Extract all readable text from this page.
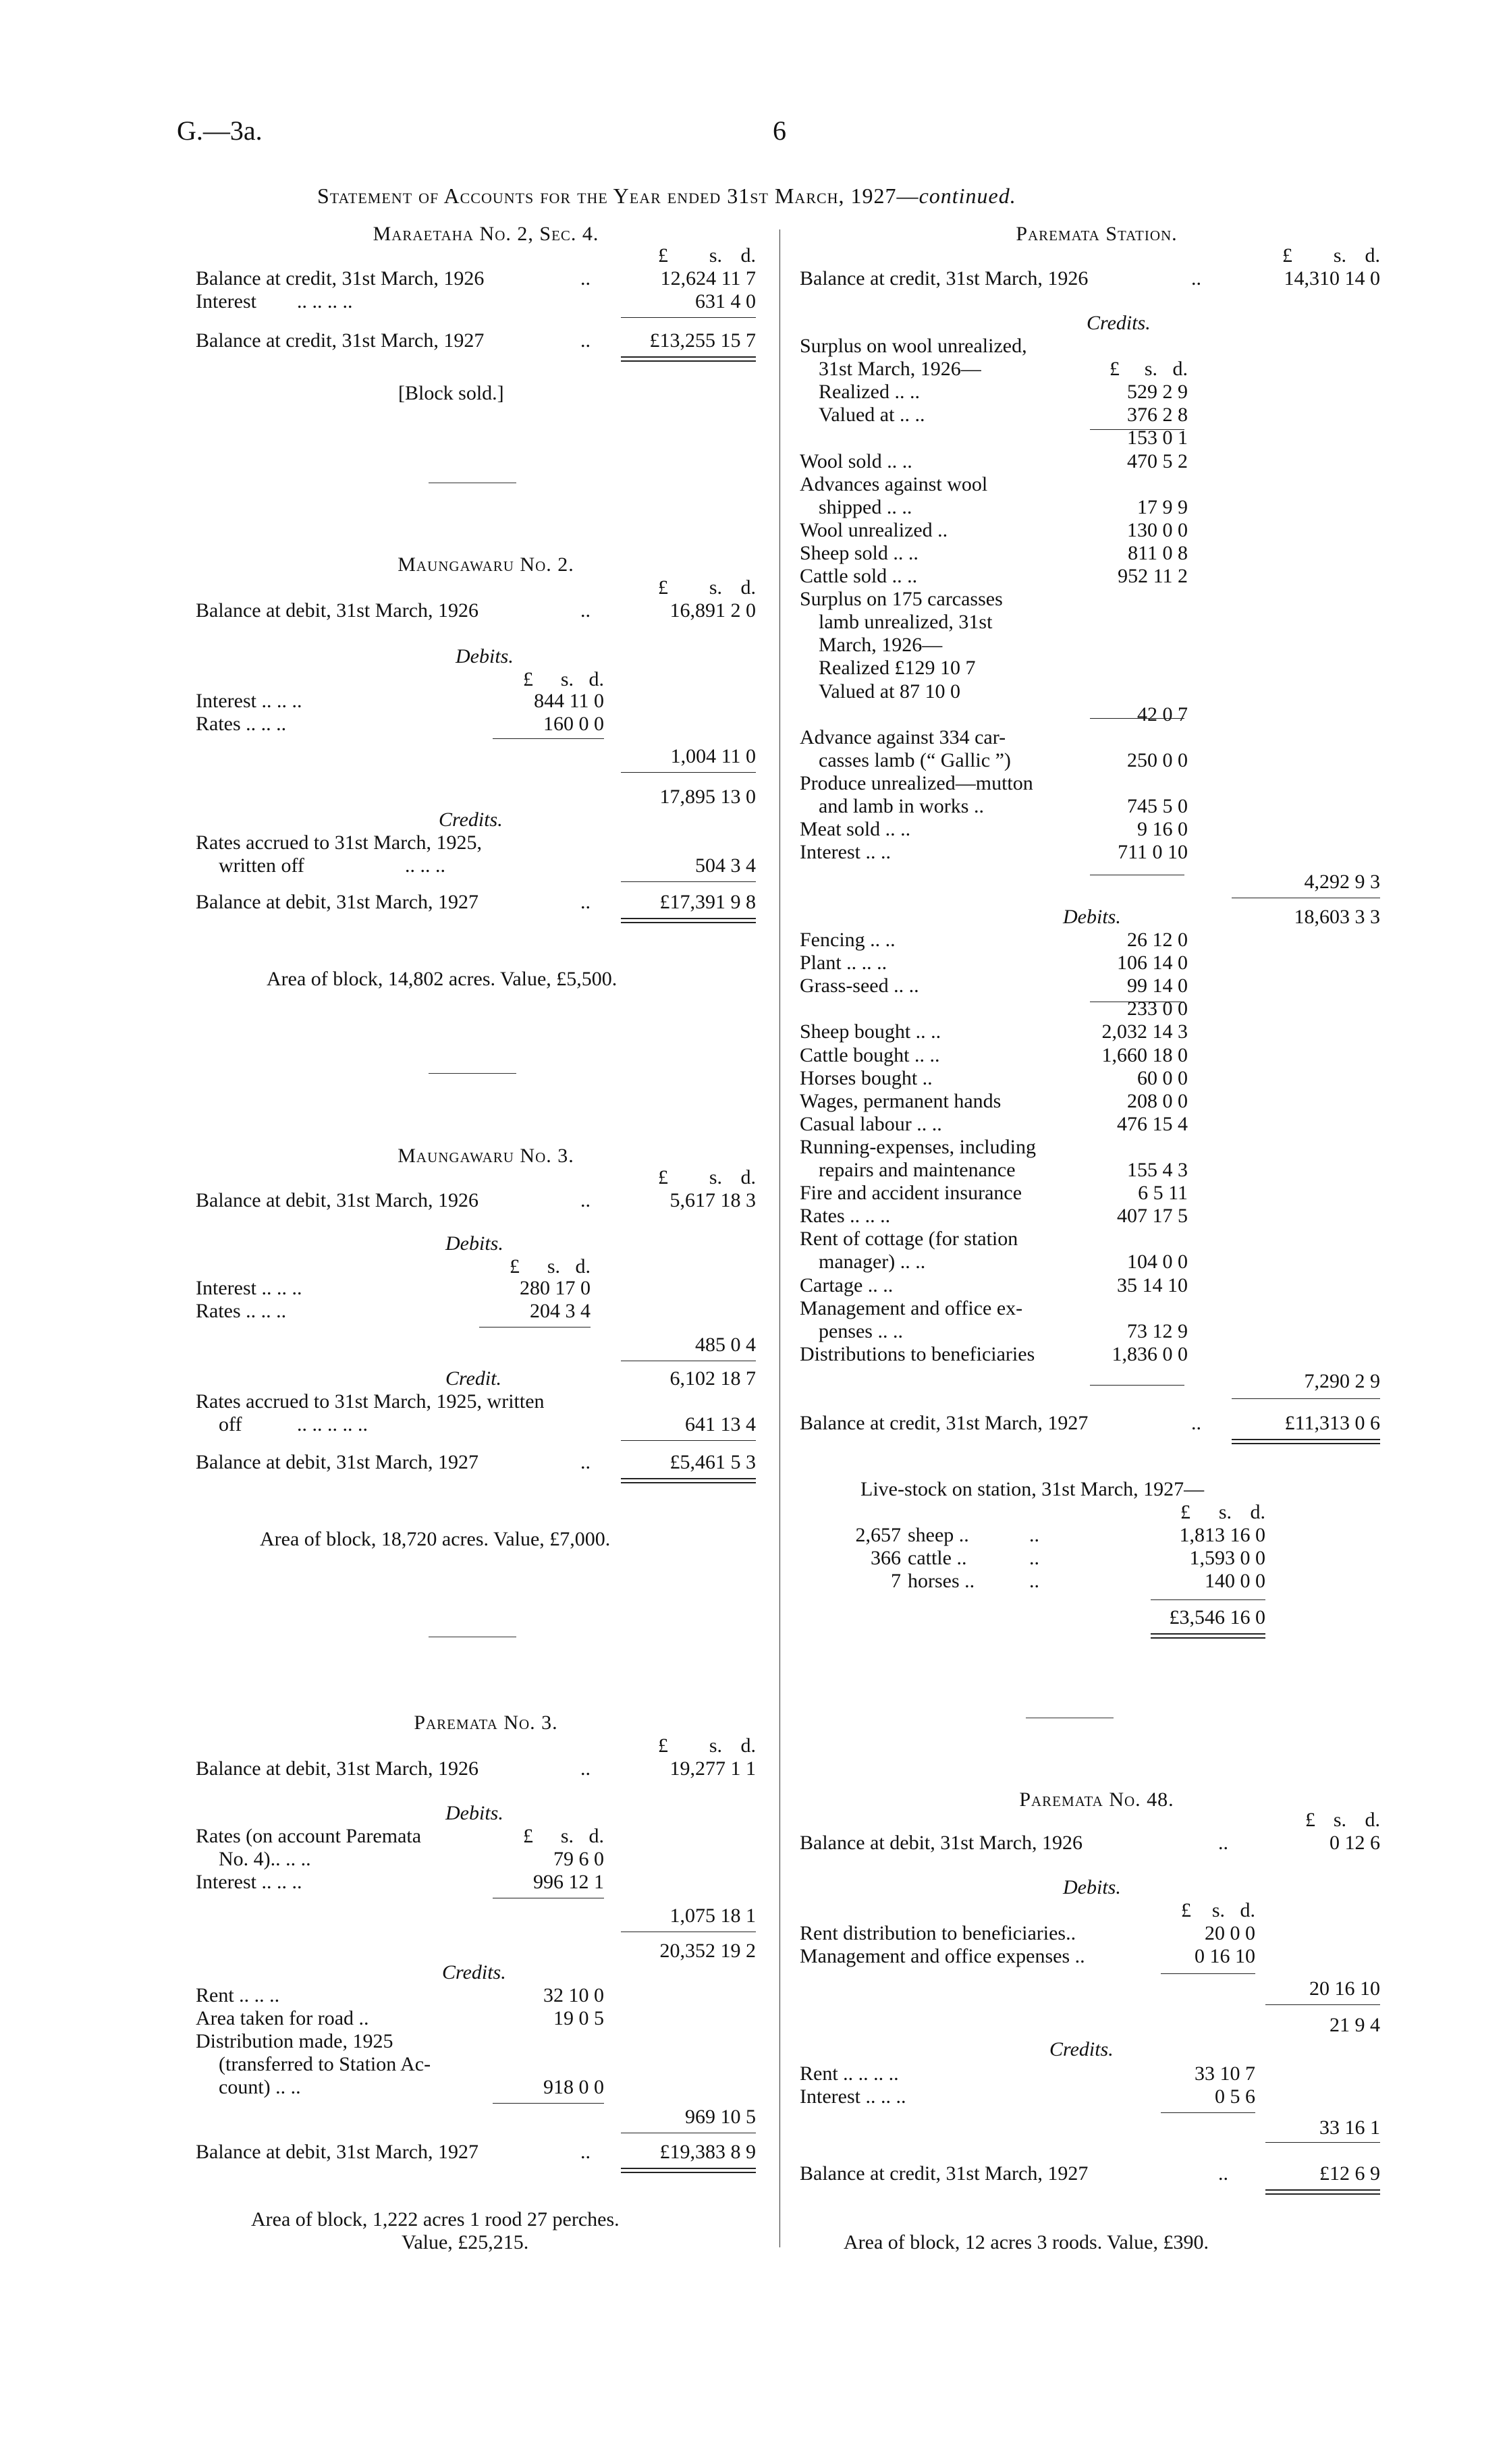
G.—3a.	6
Statement of Accounts for the Year ended 31st March, 1927—continued.
Maraetaha No. 2, Sec. 4.
£	s. d.
Balance at credit, 31st March, 1926	..	12,624 11 7
Interest .. .. .. ..	631 4 0
Balance at credit, 31st March, 1927	..	£13,255 15 7
[Block sold.]
Maungawaru No. 2.
£	s. d.
Balance at debit, 31st March, 1926	..	16,891 2 0
Debits.
£	s. d.
Interest .. .. ..	844 11 0
Rates .. .. ..	160 0 0
1,004 11 0
17,895 13 0
Credits.
Rates accrued to 31st March, 1925,
written off	.. .. ..	504 3 4
Balance at debit, 31st March, 1927	..	£17,391 9 8
Area of block, 14,802 acres. Value, £5,500.
Maungawaru No. 3.
£	s. d.
Balance at debit, 31st March, 1926	..	5,617 18 3
Debits.
£	s. d.
Interest .. .. ..	280 17 0
Rates .. .. ..	204 3 4
485 0 4
Credit.	6,102 18 7
Rates accrued to 31st March, 1925, written
off	.. .. .. .. ..	641 13 4
Balance at debit, 31st March, 1927	..	£5,461 5 3
Area of block, 18,720 acres. Value, £7,000.
Paremata No. 3.
£	s. d.
Balance at debit, 31st March, 1926	..	19,277 1 1
Debits.
Rates (on account Paremata	£	s. d.
No. 4).. .. ..	79 6 0
Interest .. .. ..	996 12 1
1,075 18 1
20,352 19 2
Credits.
Rent .. .. ..	32 10 0
Area taken for road ..	19 0 5
Distribution made, 1925
(transferred to Station Ac-
count) .. ..	918 0 0
969 10 5
Balance at debit, 31st March, 1927	..	£19,383 8 9
Area of block, 1,222 acres 1 rood 27 perches.
Value, £25,215.
Paremata Station.
£	s. d.
Balance at credit, 31st March, 1926	..	14,310 14 0
Credits.
Surplus on wool unrealized,
31st March, 1926—
Realized .. ..	529 2 9
Valued at .. ..	376 2 8
153 0 1
Wool sold .. ..	470 5 2
Advances against wool
shipped .. ..	17 9 9
Wool unrealized ..	130 0 0
Sheep sold .. ..	811 0 8
Cattle sold .. ..	952 11 2
Surplus on 175 carcasses
lamb unrealized, 31st
March, 1926—
Realized £129 10 7
Valued at 87 10 0
42 0 7
Advance against 334 car-
casses lamb (“ Gallic ”)	250 0 0
Produce unrealized—mutton
and lamb in works ..	745 5 0
Meat sold .. ..	9 16 0
Interest .. ..	711 0 10
£	s. d.
4,292 9 3
Debits.	18,603 3 3
Fencing .. ..	26 12 0
Plant .. .. ..	106 14 0
Grass-seed .. ..	99 14 0
233 0 0
Sheep bought .. ..	2,032 14 3
Cattle bought .. ..	1,660 18 0
Horses bought ..	60 0 0
Wages, permanent hands	208 0 0
Casual labour .. ..	476 15 4
Running-expenses, including
repairs and maintenance	155 4 3
Fire and accident insurance	6 5 11
Rates .. .. ..	407 17 5
Rent of cottage (for station
manager) .. ..	104 0 0
Cartage .. ..	35 14 10
Management and office ex-
penses .. ..	73 12 9
Distributions to beneficiaries	1,836 0 0
7,290 2 9
Balance at credit, 31st March, 1927	..	£11,313 0 6
Live-stock on station, 31st March, 1927—
£	s. d.
2,657 sheep ..	..	1,813 16 0
366 cattle ..	..	1,593 0 0
7 horses ..	..	140 0 0
£3,546 16 0
Paremata No. 48.
£ s. d.
Balance at debit, 31st March, 1926	..	0 12 6
Debits.
£	s. d.
Rent distribution to beneficiaries..	20 0 0
Management and office expenses ..	0 16 10
20 16 10
21 9 4
Credits.
Rent .. .. .. ..	33 10 7
Interest .. .. ..	0 5 6
33 16 1
Balance at credit, 31st March, 1927	..	£12 6 9
Area of block, 12 acres 3 roods. Value, £390.
